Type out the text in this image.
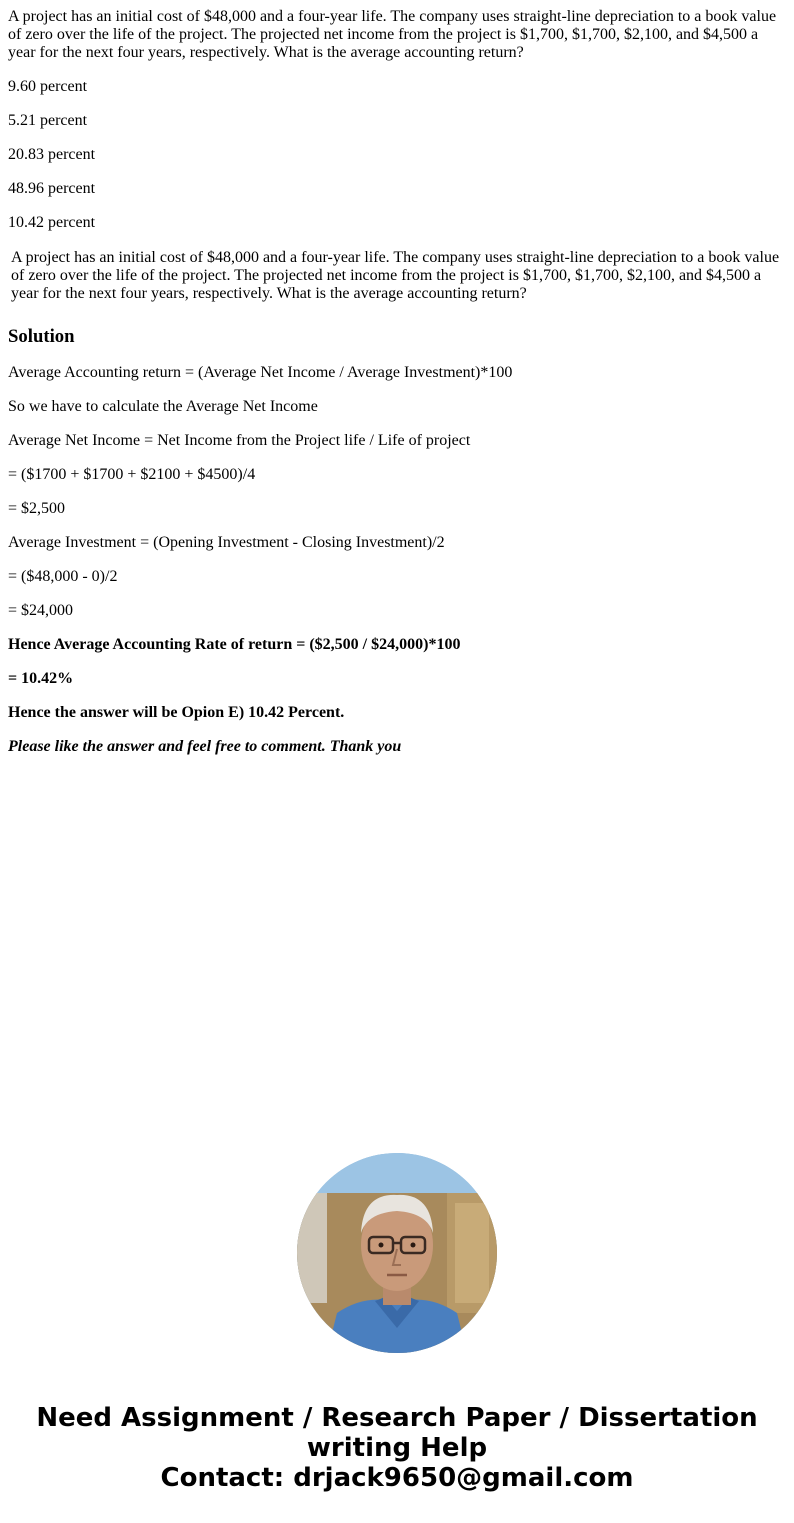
A project has an initial cost of $48,000 and a four-year life. The company uses straight-line depreciation to a book value of zero over the life of the project. The projected net income from the project is $1,700, $1,700, $2,100, and $4,500 a year for the next four years, respectively. What is the average accounting return?

9.60 percent

5.21 percent

20.83 percent

48.96 percent

10.42 percent

A project has an initial cost of $48,000 and a four-year life. The company uses straight-line depreciation to a book value of zero over the life of the project. The projected net income from the project is $1,700, $1,700, $2,100, and $4,500 a year for the next four years, respectively. What is the average accounting return?
Solution

Average Accounting return = (Average Net Income / Average Investment)*100

So we have to calculate the Average Net Income

Average Net Income = Net Income from the Project life / Life of project

= ($1700 + $1700 + $2100 + $4500)/4

= $2,500

Average Investment = (Opening Investment - Closing Investment)/2

= ($48,000 - 0)/2

= $24,000

Hence Average Accounting Rate of return = ($2,500 / $24,000)*100

= 10.42%

Hence the answer will be Opion E) 10.42 Percent.

Please like the answer and feel free to comment. Thank you

Need Assignment / Research Paper / Dissertation
writing Help
Contact: drjack9650@gmail.com
